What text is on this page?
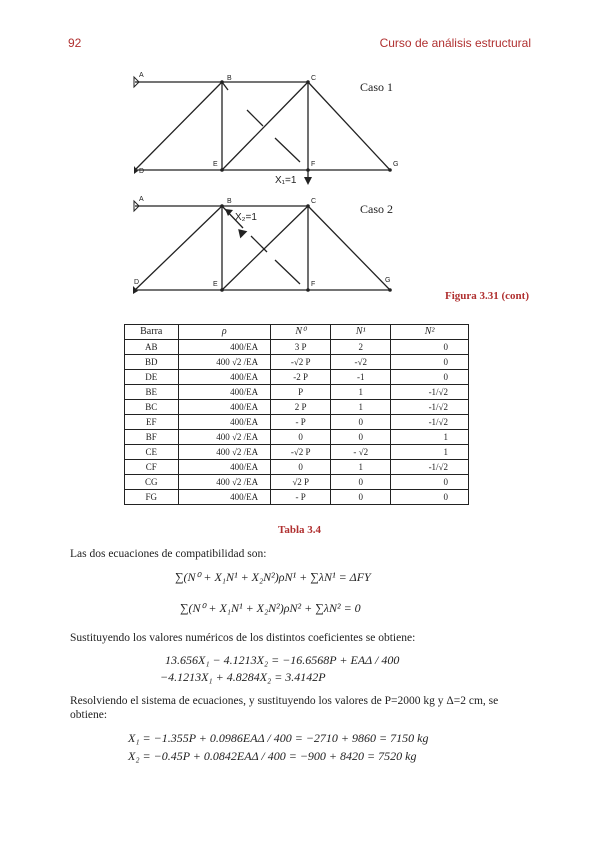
92	Curso de análisis estructural
A	B	C
D
E	F	G
X₁=1
Caso 1
A	B	C
D	E	F
G
X₂=1
Caso 2
Figura 3.31 (cont)
Barra	ρ	N⁰	N¹	N²
AB	400/EA	3 P	2	0
BD	400 √2 /EA	-√2 P	-√2	0
DE	400/EA	-2 P	-1	0
BE	400/EA	P	1	-1/√2
BC	400/EA	2 P	1	-1/√2
EF	400/EA	- P	0	-1/√2
BF	400 √2 /EA	0	0	1
CE	400 √2 /EA	-√2 P	- √2	1
CF	400/EA	0	1	-1/√2
CG	400 √2 /EA	√2 P	0	0
FG	400/EA	- P	0	0
Tabla 3.4
Las dos ecuaciones de compatibilidad son:
∑(N⁰ + X₁N¹ + X₂N²)ρN¹ + ∑λN¹ = ΔFY
∑(N⁰ + X₁N¹ + X₂N²)ρN² + ∑λN² = 0
Sustituyendo los valores numéricos de los distintos coeficientes se obtiene:
13.656X₁ − 4.1213X₂ = −16.6568P + EAΔ / 400
−4.1213X₁ + 4.8284X₂ = 3.4142P
Resolviendo el sistema de ecuaciones, y sustituyendo los valores de P=2000 kg y Δ=2 cm, se obtiene:
X₁ = −1.355P + 0.0986EAΔ / 400 = −2710 + 9860 = 7150 kg
X₂ = −0.45P + 0.0842EAΔ / 400 = −900 + 8420 = 7520 kg
